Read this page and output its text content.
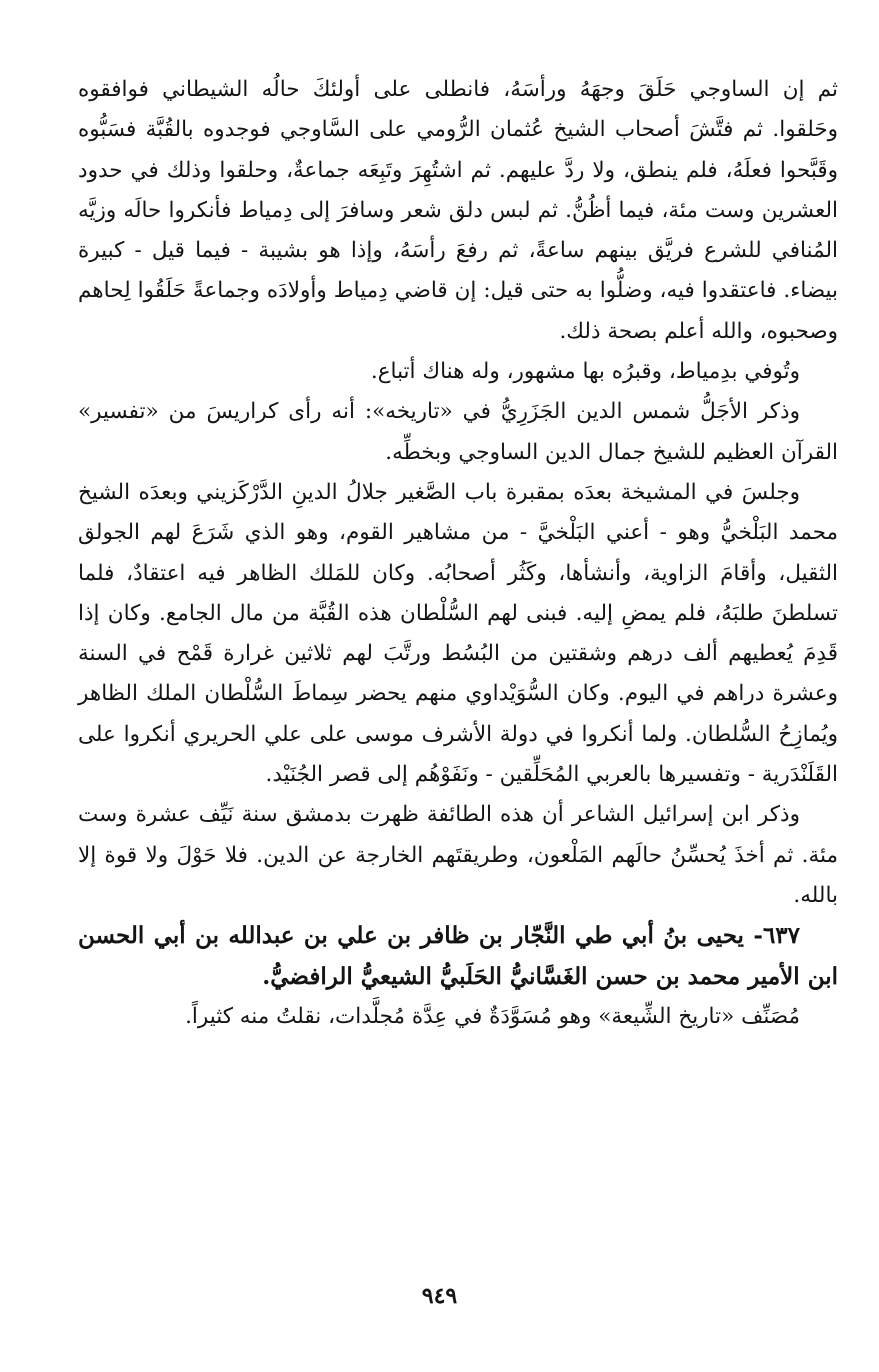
ثم إن الساوجي حَلَقَ وجهَهُ ورأسَهُ، فانطلى على أولئكَ حالُه الشيطاني فوافقوه وحَلقوا. ثم فتَّشَ أصحاب الشيخ عُثمان الرُّومي على السَّاوجي فوجدوه بالقُبَّة فسَبُّوه وقَبَّحوا فعلَهُ، فلم ينطق، ولا ردَّ عليهم. ثم اشتُهِرَ وتَبِعَه جماعةٌ، وحلقوا وذلك في حدود العشرين وست مئة، فيما أظُنُّ. ثم لبس دلق شعر وسافرَ إلى دِمياط فأنكروا حالَه وزيَّه المُنافي للشرع فريَّق بينهم ساعةً، ثم رفعَ رأسَهُ، وإذا هو بشيبة - فيما قيل - كبيرة بيضاء. فاعتقدوا فيه، وضلُّوا به حتى قيل: إن قاضي دِمياط وأولادَه وجماعةً حَلَقُوا لِحاهم وصحبوه، والله أعلم بصحة ذلك.

وتُوفي بدِمياط، وقبرُه بها مشهور، وله هناك أتباع.

وذكر الأجَلُّ شمس الدين الجَزَرِيُّ في «تاريخه»: أنه رأى كراريسَ من «تفسير» القرآن العظيم للشيخ جمال الدين الساوجي وبخطِّه.

وجلسَ في المشيخة بعدَه بمقبرة باب الصَّغير جلالُ الدينِ الدَّرْكَزيني وبعدَه الشيخ محمد البَلْخيُّ وهو - أعني البَلْخيَّ - من مشاهير القوم، وهو الذي شَرَعَ لهم الجولق الثقيل، وأقامَ الزاوية، وأنشأها، وكَثُر أصحابُه. وكان للمَلك الظاهر فيه اعتقادٌ، فلما تسلطنَ طلبَهُ، فلم يمضِ إليه. فبنى لهم السُّلْطان هذه القُبَّة من مال الجامع. وكان إذا قَدِمَ يُعطيهم ألف درهم وشقتين من البُسُط ورتَّبَ لهم ثلاثين غرارة قَمْح في السنة وعشرة دراهم في اليوم. وكان السُّوَيْداوي منهم يحضر سِماطَ السُّلْطان الملك الظاهر ويُمازِحُ السُّلطان. ولما أنكروا في دولة الأشرف موسى على علي الحريري أنكروا على القَلَنْدَرية - وتفسيرها بالعربي المُحَلِّقين - ونَفَوْهُم إلى قصر الجُنَيْد.

وذكر ابن إسرائيل الشاعر أن هذه الطائفة ظهرت بدمشق سنة نَيِّف عشرة وست مئة. ثم أخذَ يُحسِّنُ حالَهم المَلْعون، وطريقتَهم الخارجة عن الدين. فلا حَوْلَ ولا قوة إلا بالله.

٦٣٧- يحيى بنُ أبي طي النَّجّار بن ظافر بن علي بن عبدالله بن أبي الحسن ابن الأمير محمد بن حسن الغَسَّانيُّ الحَلَبيُّ الشيعيُّ الرافضيُّ.

مُصَنِّف «تاريخ الشِّيعة» وهو مُسَوَّدَةٌ في عِدَّة مُجلَّدات، نقلتُ منه كثيراً.

٩٤٩
